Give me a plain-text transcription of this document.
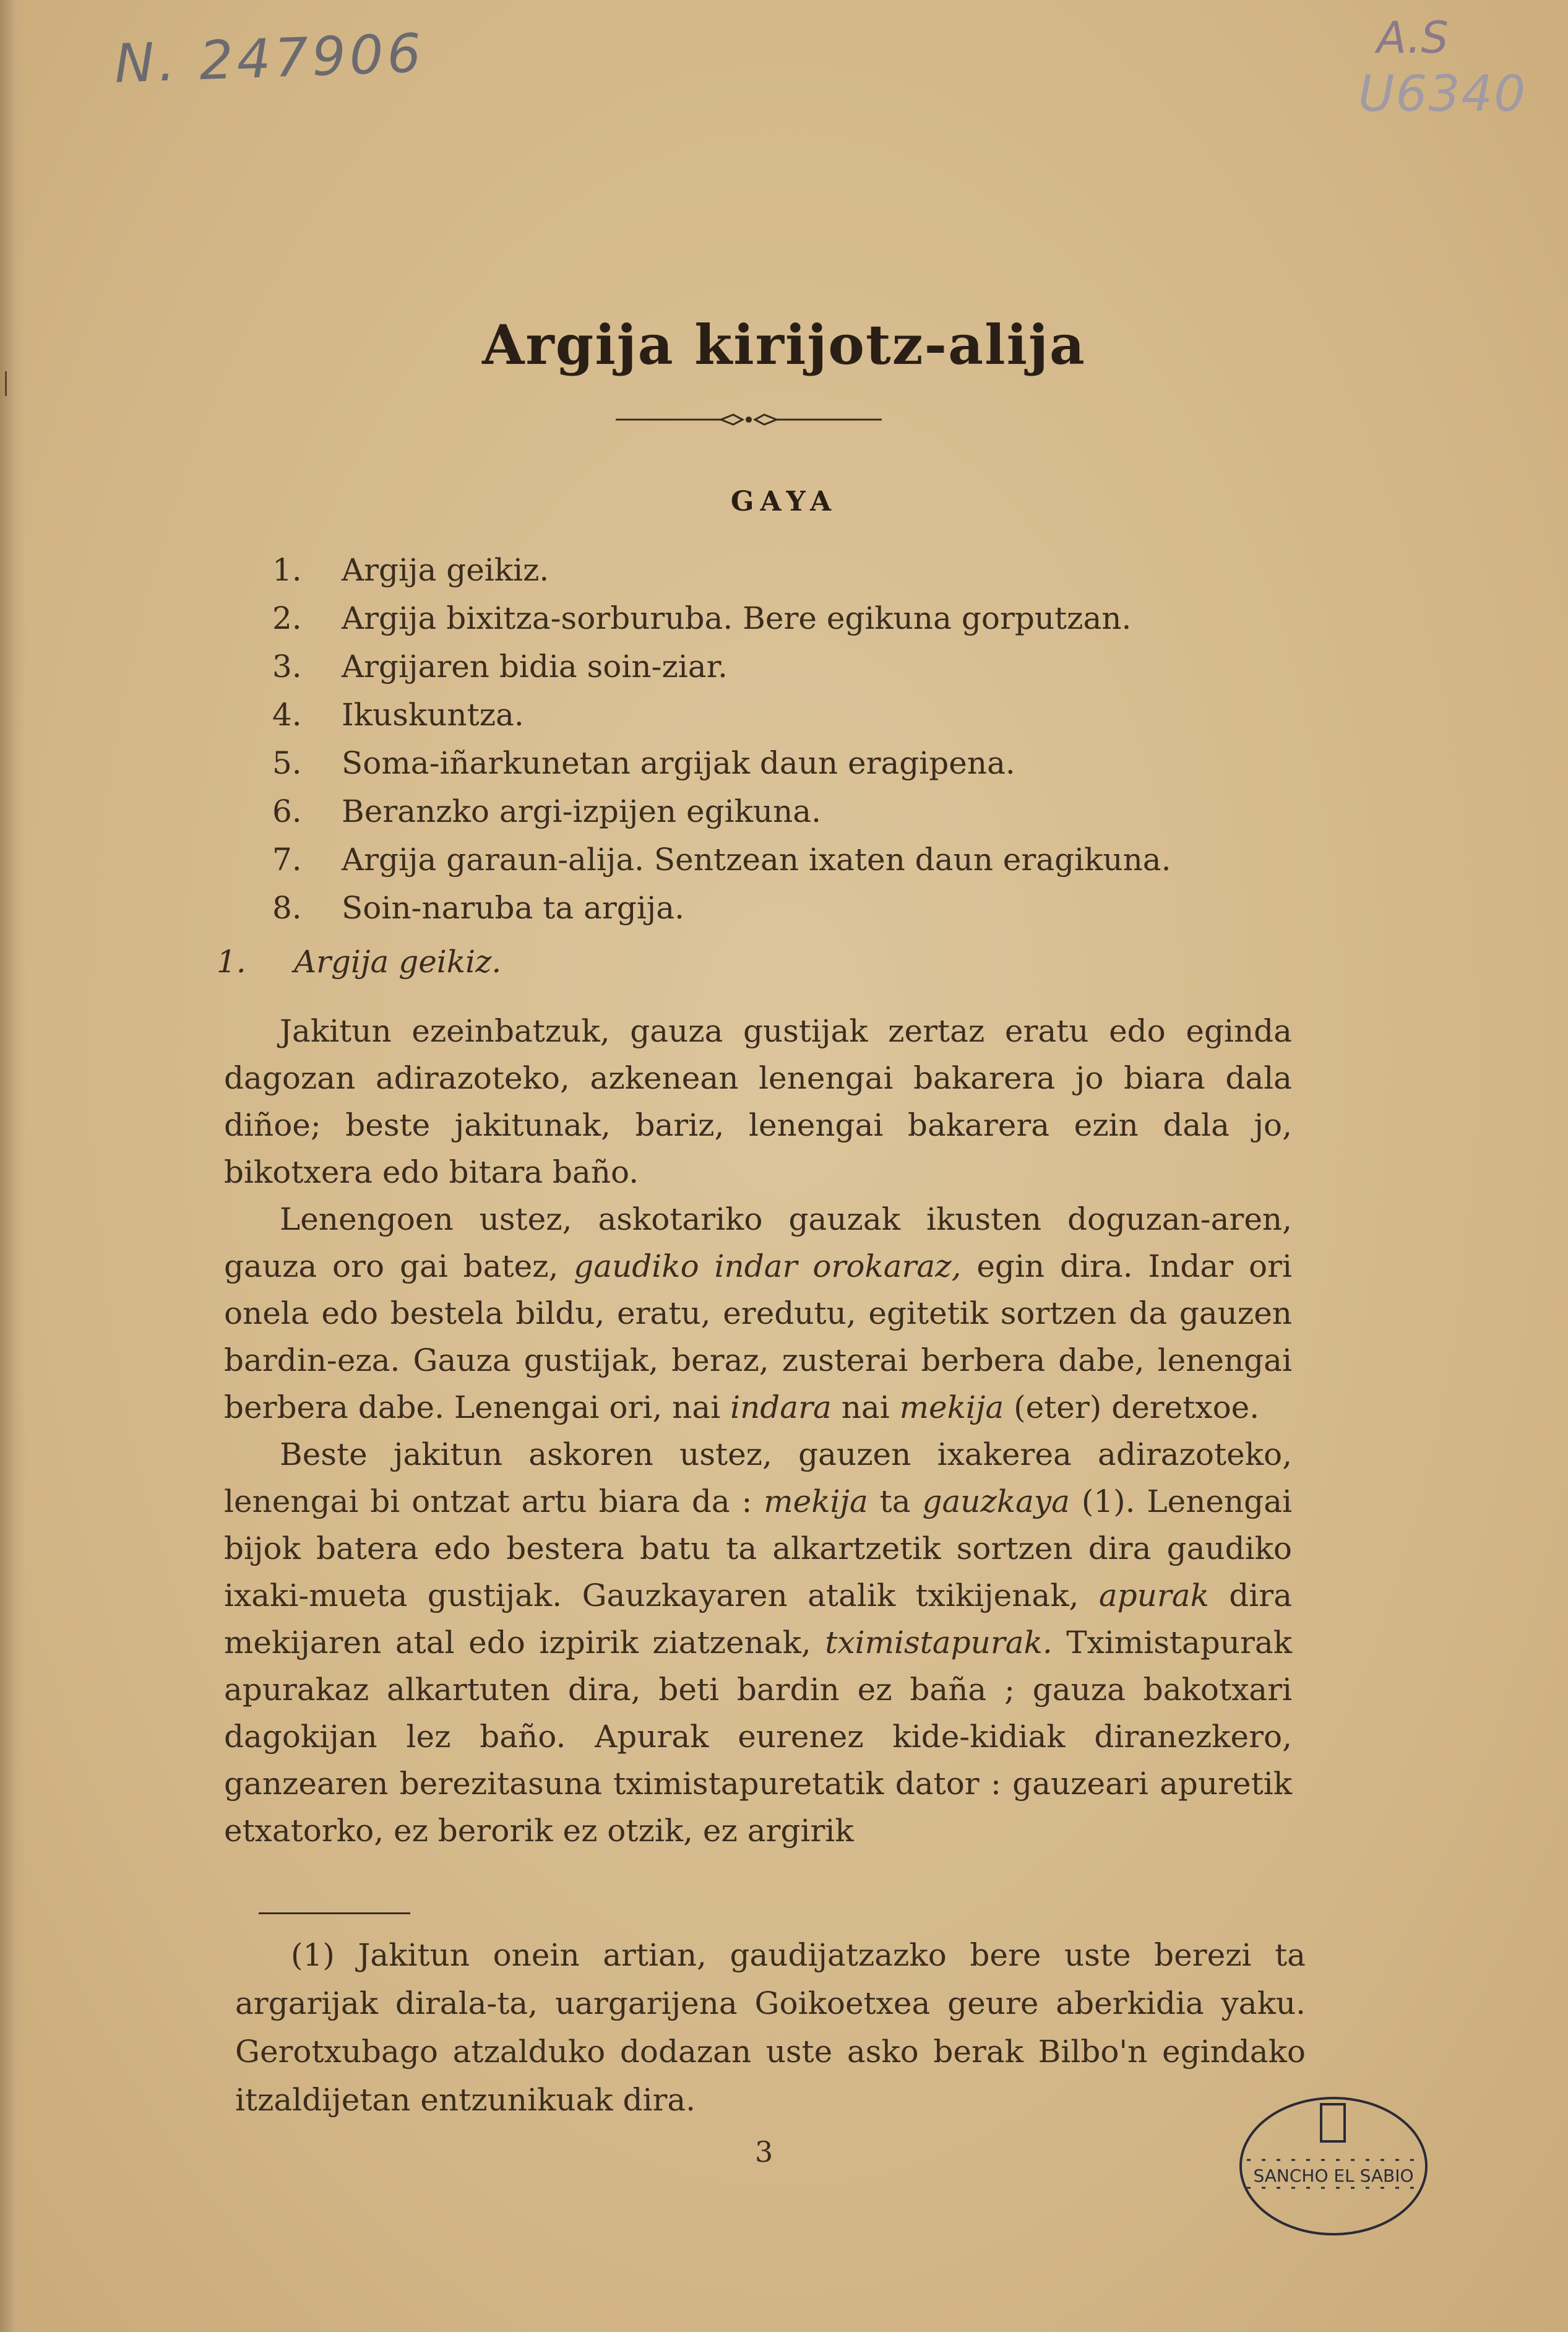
N. 247906	A.S
U6340
Argija kirijotz-alija
GAYA
1. Argija geikiz.
2. Argija bixitza-sorburuba. Bere egikuna gorputzan.
3. Argijaren bidia soin-ziar.
4. Ikuskuntza.
5. Soma-iñarkunetan argijak daun eragipena.
6. Beranzko argi-izpijen egikuna.
7. Argija garaun-alija. Sentzean ixaten daun eragikuna.
8. Soin-naruba ta argija.
1. Argija geikiz.

Jakitun ezeinbatzuk, gauza gustijak zertaz eratu edo eginda dagozan adirazoteko, azkenean lenengai bakarera jo biara dala diñoe; beste jakitunak, bariz, lenengai bakarera ezin dala jo, bikotxera edo bitara baño.

Lenengoen ustez, askotariko gauzak ikusten doguzan-aren, gauza oro gai batez, gaudiko indar orokaraz, egin dira. Indar ori onela edo bestela bildu, eratu, eredutu, egitetik sortzen da gauzen bardin-eza. Gauza gustijak, beraz, zusterai berbera dabe, lenengai berbera dabe. Lenengai ori, nai indara nai mekija (eter) deretxoe.

Beste jakitun askoren ustez, gauzen ixakerea adirazoteko, lenengai bi ontzat artu biara da : mekija ta gauzkaya (1). Lenengai bijok batera edo bestera batu ta alkartzetik sortzen dira gaudiko ixaki-mueta gustijak. Gauzkayaren atalik txikijenak, apurak dira mekijaren atal edo izpirik ziatzenak, tximistapurak. Tximistapurak apurakaz alkartuten dira, beti bardin ez baña ; gauza bakotxari dagokijan lez baño. Apurak eurenez kide-kidiak diranezkero, ganzearen berezitasuna tximistapuretatik dator : gauzeari apuretik etxatorko, ez berorik ez otzik, ez argirik

(1) Jakitun onein artian, gaudijatzazko bere uste berezi ta argarijak dirala-ta, uargarijena Goikoetxea geure aberkidia yaku. Gerotxubago atzalduko dodazan uste asko berak Bilbo'n egindako itzaldijetan entzunikuak dira.
3
SANCHO EL SABIO
